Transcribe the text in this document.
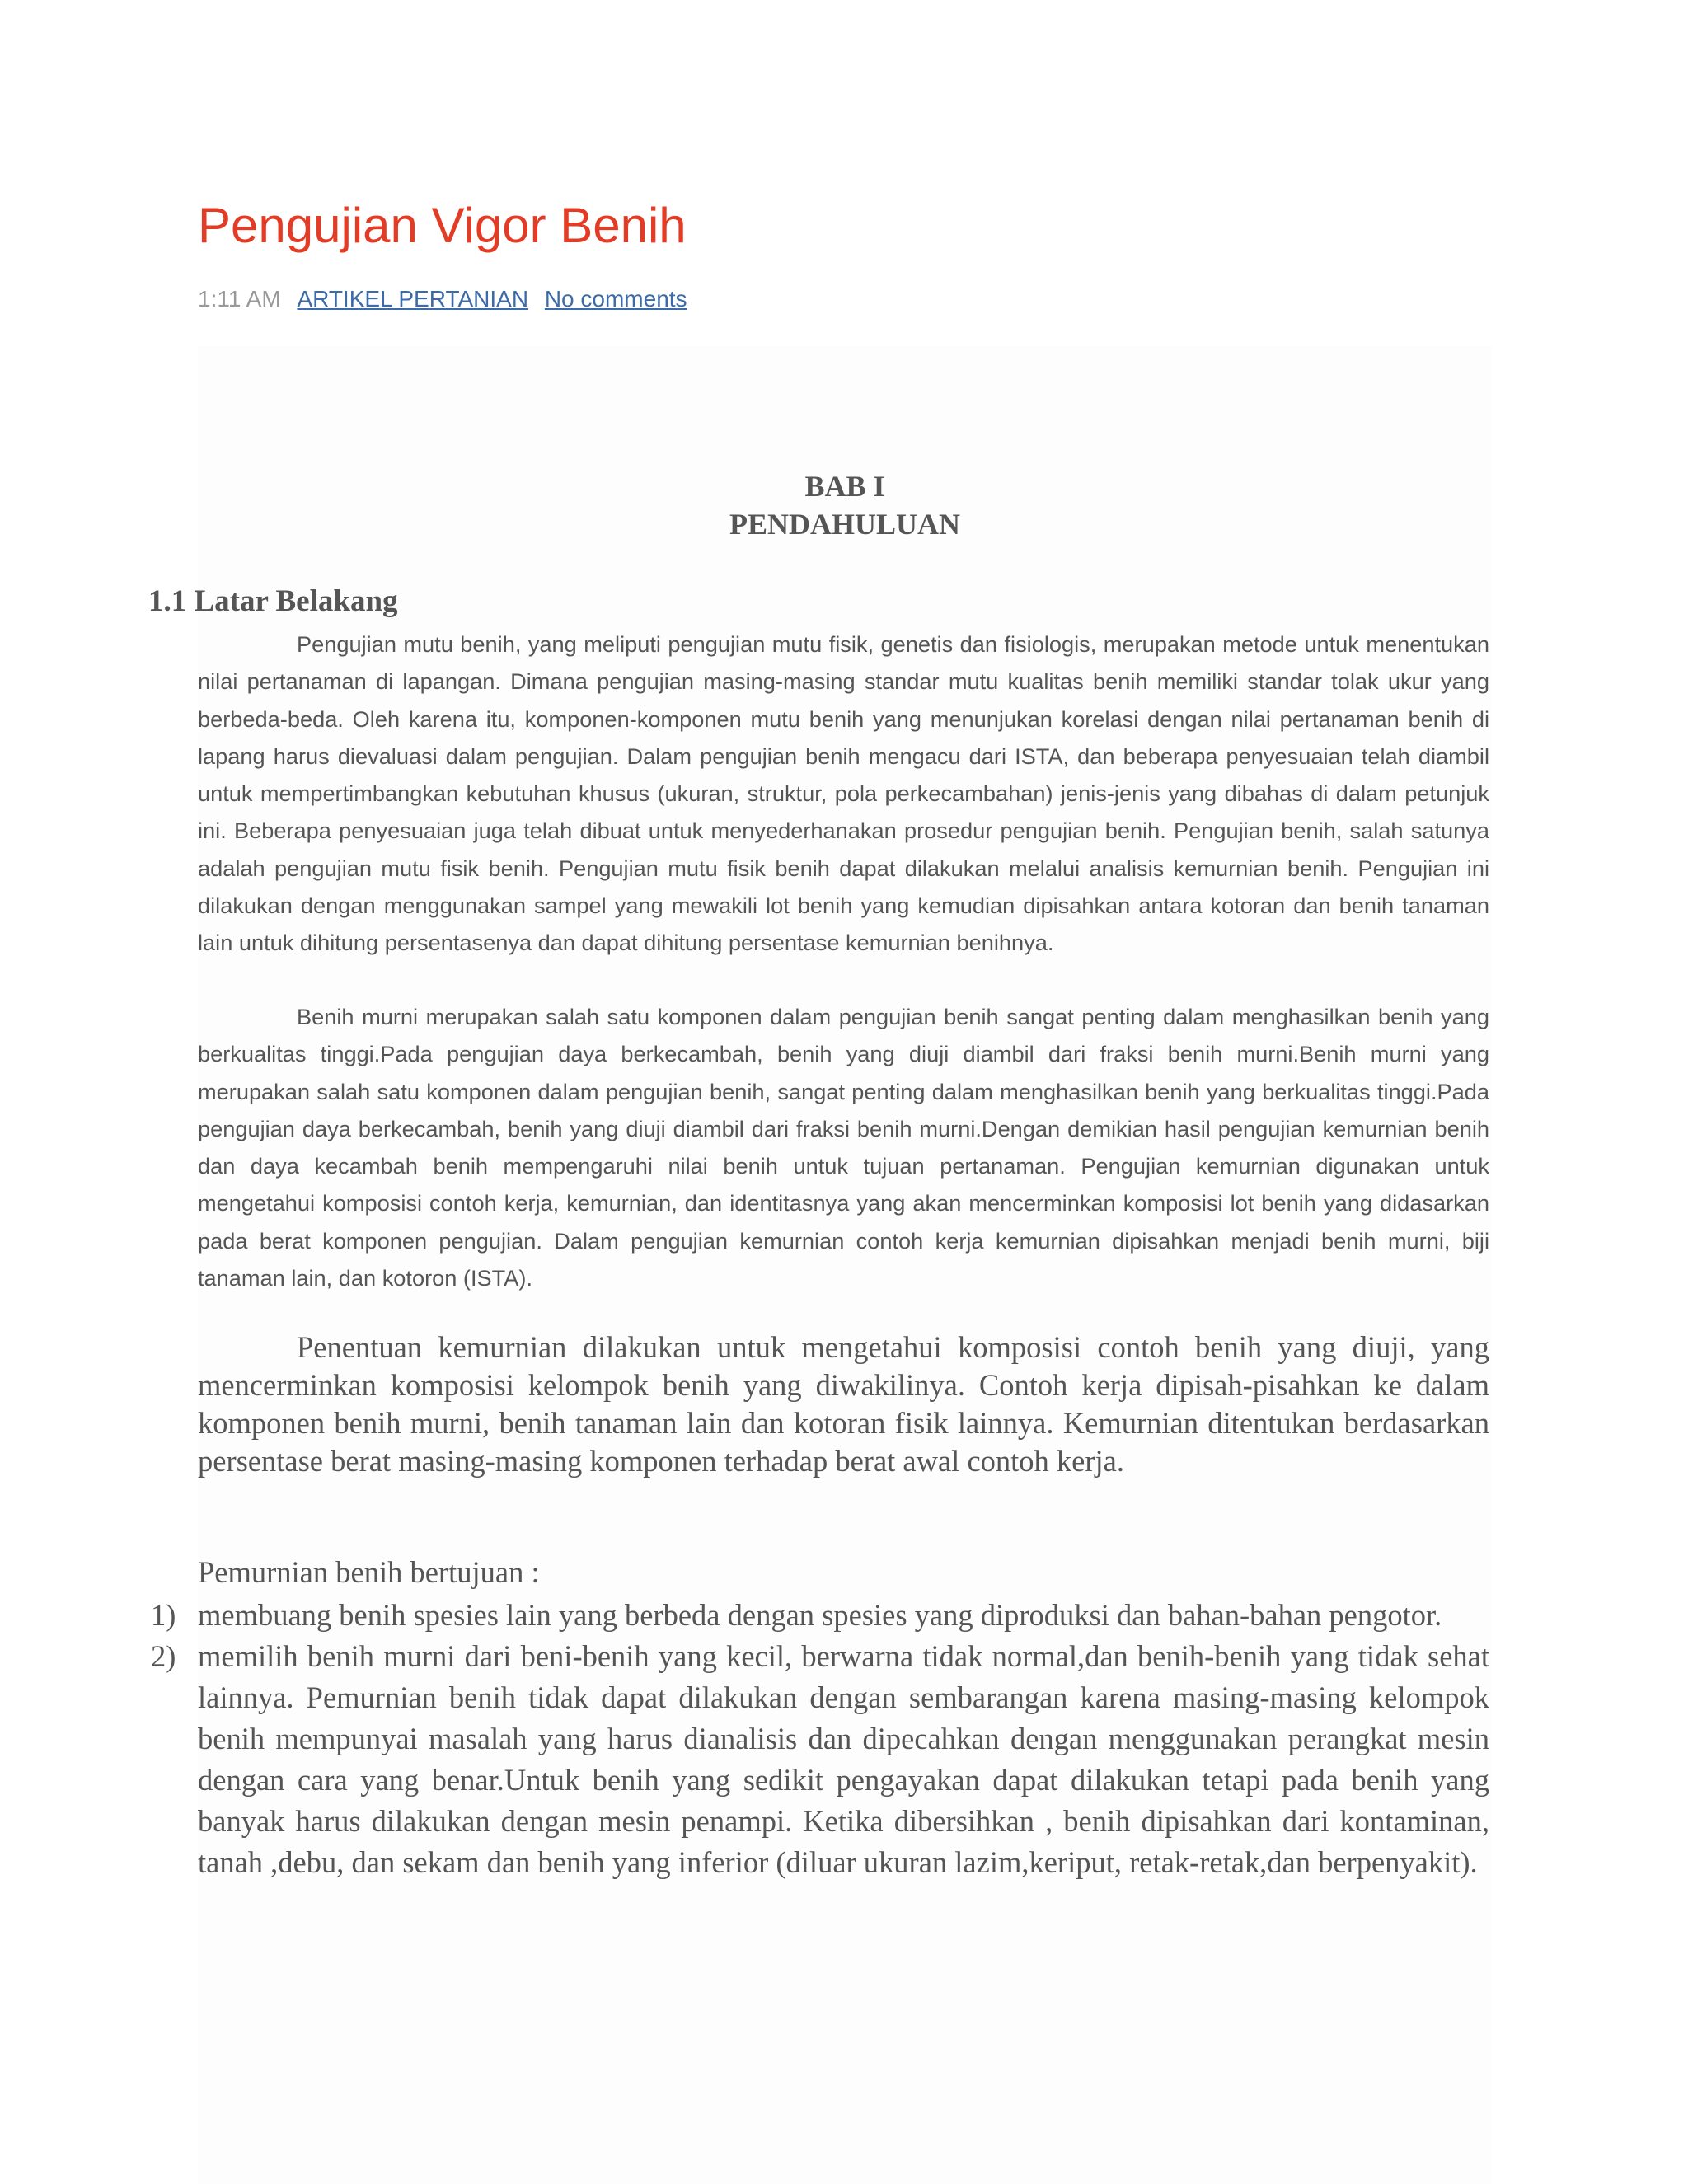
Pengujian Vigor Benih
1:11 AM ARTIKEL PERTANIAN No comments
BAB I
PENDAHULUAN
1.1 Latar Belakang

Pengujian mutu benih, yang meliputi pengujian mutu fisik, genetis dan fisiologis, merupakan metode untuk menentukan nilai pertanaman di lapangan. Dimana pengujian masing-masing standar mutu kualitas benih memiliki standar tolak ukur yang berbeda-beda. Oleh karena itu, komponen-komponen mutu benih yang menunjukan korelasi dengan nilai pertanaman benih di lapang harus dievaluasi dalam pengujian. Dalam pengujian benih mengacu dari ISTA, dan beberapa penyesuaian telah diambil untuk mempertimbangkan kebutuhan khusus (ukuran, struktur, pola perkecambahan) jenis-jenis yang dibahas di dalam petunjuk ini. Beberapa penyesuaian juga telah dibuat untuk menyederhanakan prosedur pengujian benih. Pengujian benih, salah satunya adalah pengujian mutu fisik benih. Pengujian mutu fisik benih dapat dilakukan melalui analisis kemurnian benih. Pengujian ini dilakukan dengan menggunakan sampel yang mewakili lot benih yang kemudian dipisahkan antara kotoran dan benih tanaman lain untuk dihitung persentasenya dan dapat dihitung persentase kemurnian benihnya.

Benih murni merupakan salah satu komponen dalam pengujian benih sangat penting dalam menghasilkan benih yang berkualitas tinggi.Pada pengujian daya berkecambah, benih yang diuji diambil dari fraksi benih murni.Benih murni yang merupakan salah satu komponen dalam pengujian benih, sangat penting dalam menghasilkan benih yang berkualitas tinggi.Pada pengujian daya berkecambah, benih yang diuji diambil dari fraksi benih murni.Dengan demikian hasil pengujian kemurnian benih dan daya kecambah benih mempengaruhi nilai benih untuk tujuan pertanaman. Pengujian kemurnian digunakan untuk mengetahui komposisi contoh kerja, kemurnian, dan identitasnya yang akan mencerminkan komposisi lot benih yang didasarkan pada berat komponen pengujian. Dalam pengujian kemurnian contoh kerja kemurnian dipisahkan menjadi benih murni, biji tanaman lain, dan kotoron (ISTA).

Penentuan kemurnian dilakukan untuk mengetahui komposisi contoh benih yang diuji, yang mencerminkan komposisi kelompok benih yang diwakilinya. Contoh kerja dipisah-pisahkan ke dalam komponen benih murni, benih tanaman lain dan kotoran fisik lainnya. Kemurnian ditentukan berdasarkan persentase berat masing-masing komponen terhadap berat awal contoh kerja.

Pemurnian benih bertujuan :

1) membuang benih spesies lain yang berbeda dengan spesies yang diproduksi dan bahan-bahan pengotor.
2) memilih benih murni dari beni-benih yang kecil, berwarna tidak normal,dan benih-benih yang tidak sehat lainnya. Pemurnian benih tidak dapat dilakukan dengan sembarangan karena masing-masing kelompok benih mempunyai masalah yang harus dianalisis dan dipecahkan dengan menggunakan perangkat mesin dengan cara yang benar.Untuk benih yang sedikit pengayakan dapat dilakukan tetapi pada benih yang banyak harus dilakukan dengan mesin penampi. Ketika dibersihkan , benih dipisahkan dari kontaminan, tanah ,debu, dan sekam dan benih yang inferior (diluar ukuran lazim,keriput, retak-retak,dan berpenyakit).
